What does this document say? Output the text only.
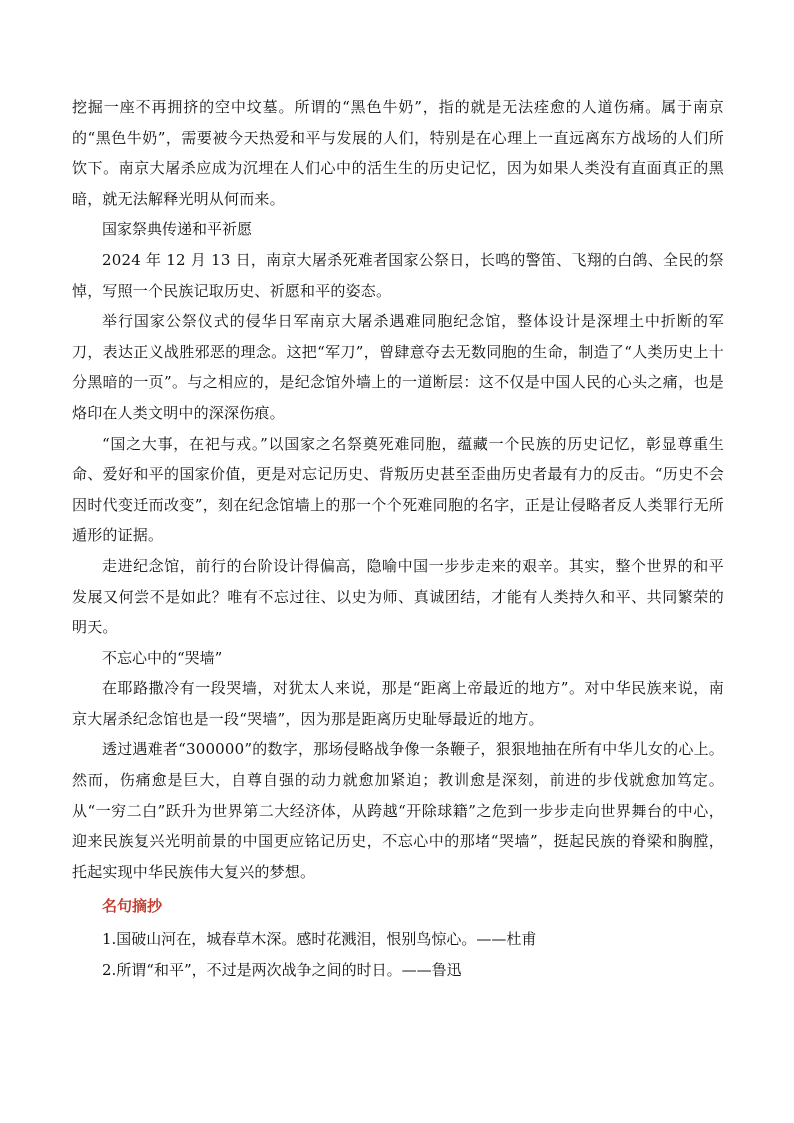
挖掘一座不再拥挤的空中坟墓。所谓的“黑色牛奶”，指的就是无法痊愈的人道伤痛。属于南京的“黑色牛奶”，需要被今天热爱和平与发展的人们，特别是在心理上一直远离东方战场的人们所饮下。南京大屠杀应成为沉埋在人们心中的活生生的历史记忆，因为如果人类没有直面真正的黑暗，就无法解释光明从何而来。

国家祭典传递和平祈愿

2024 年 12 月 13 日，南京大屠杀死难者国家公祭日，长鸣的警笛、飞翔的白鸽、全民的祭悼，写照一个民族记取历史、祈愿和平的姿态。

举行国家公祭仪式的侵华日军南京大屠杀遇难同胞纪念馆，整体设计是深埋土中折断的军刀，表达正义战胜邪恶的理念。这把“军刀”，曾肆意夺去无数同胞的生命，制造了“人类历史上十分黑暗的一页”。与之相应的，是纪念馆外墙上的一道断层：这不仅是中国人民的心头之痛，也是烙印在人类文明中的深深伤痕。

“国之大事，在祀与戎。”以国家之名祭奠死难同胞，蕴藏一个民族的历史记忆，彰显尊重生命、爱好和平的国家价值，更是对忘记历史、背叛历史甚至歪曲历史者最有力的反击。“历史不会因时代变迁而改变”，刻在纪念馆墙上的那一个个死难同胞的名字，正是让侵略者反人类罪行无所遁形的证据。

走进纪念馆，前行的台阶设计得偏高，隐喻中国一步步走来的艰辛。其实，整个世界的和平发展又何尝不是如此？唯有不忘过往、以史为师、真诚团结，才能有人类持久和平、共同繁荣的明天。

不忘心中的“哭墙”

在耶路撒冷有一段哭墙，对犹太人来说，那是“距离上帝最近的地方”。对中华民族来说，南京大屠杀纪念馆也是一段“哭墙”，因为那是距离历史耻辱最近的地方。

透过遇难者“300000”的数字，那场侵略战争像一条鞭子，狠狠地抽在所有中华儿女的心上。然而，伤痛愈是巨大，自尊自强的动力就愈加紧迫；教训愈是深刻，前进的步伐就愈加笃定。从“一穷二白”跃升为世界第二大经济体，从跨越“开除球籍”之危到一步步走向世界舞台的中心，迎来民族复兴光明前景的中国更应铭记历史，不忘心中的那堵“哭墙”，挺起民族的脊梁和胸膛，托起实现中华民族伟大复兴的梦想。

名句摘抄

1.国破山河在，城春草木深。感时花溅泪，恨别鸟惊心。——杜甫

2.所谓“和平”，不过是两次战争之间的时日。——鲁迅
